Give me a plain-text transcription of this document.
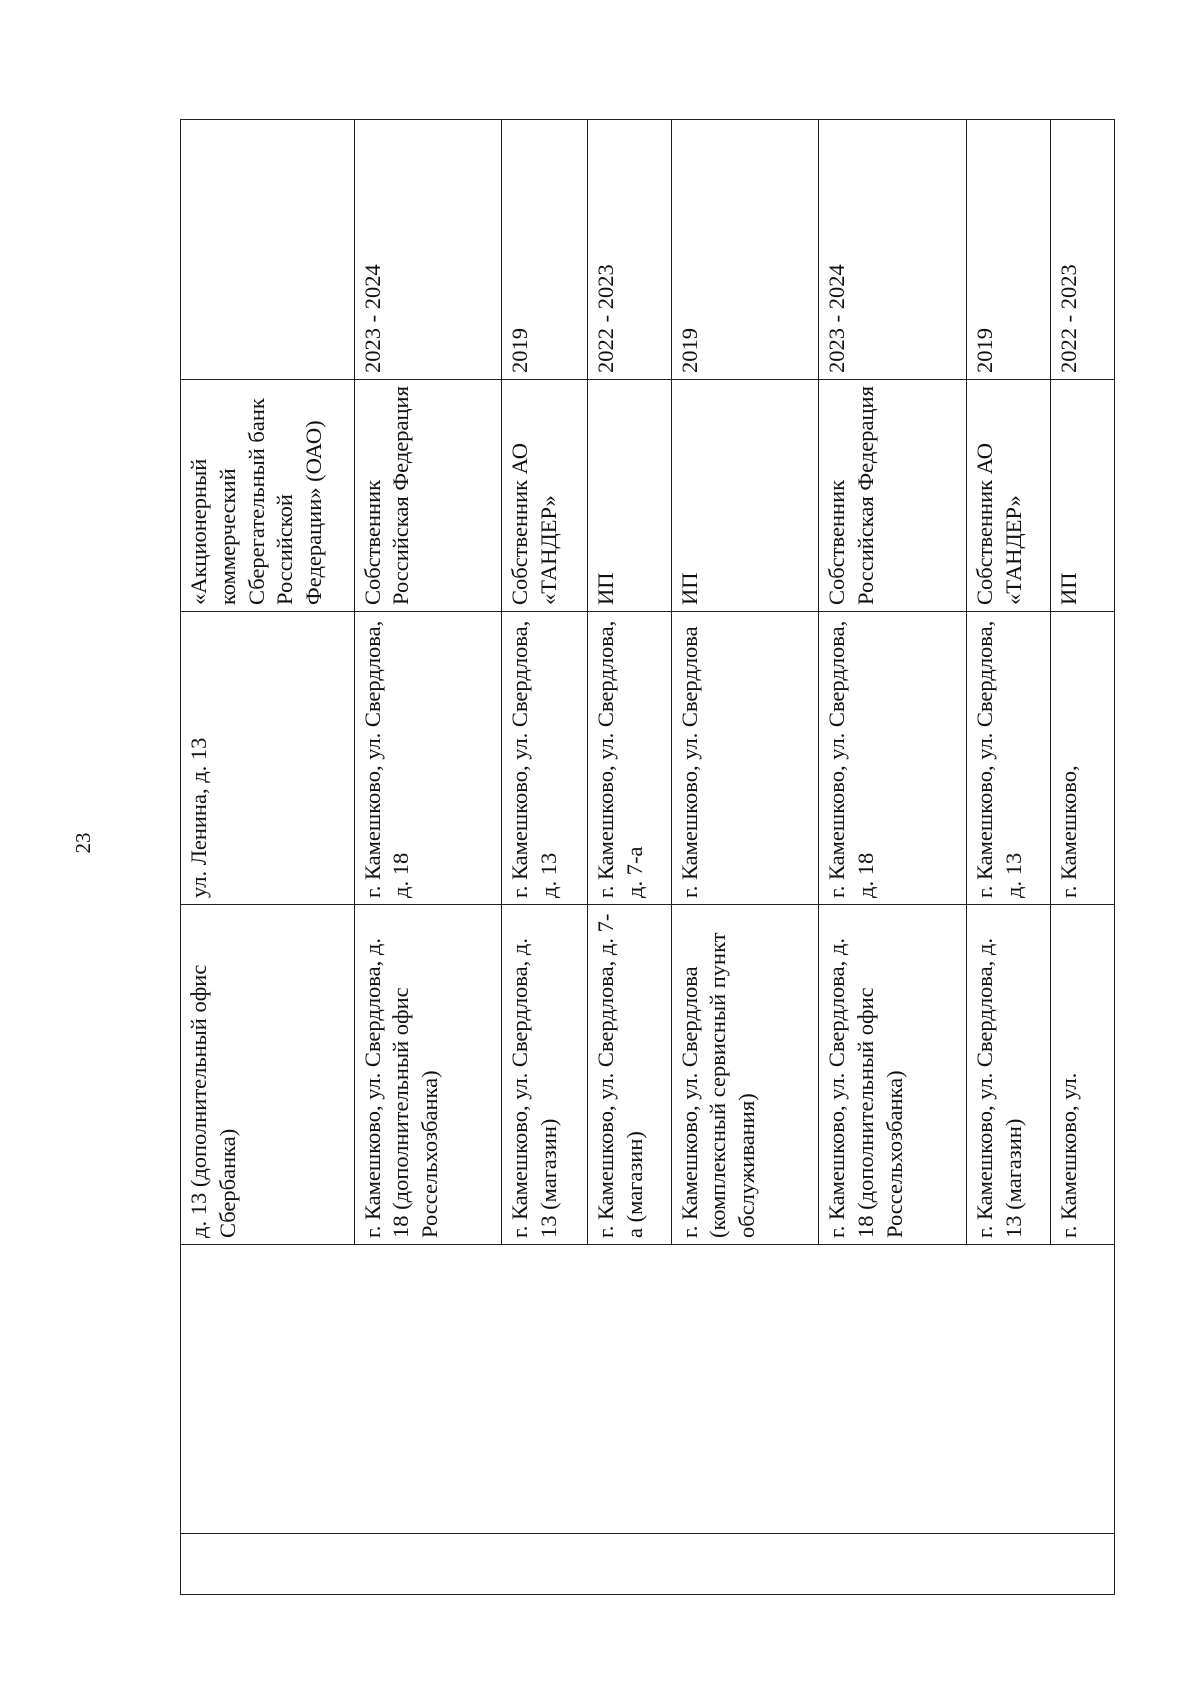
23
		д. 13 (дополнительный офис Сбербанка)	ул. Ленина, д. 13	«Акционерный коммерческий Сберегательный банк Российской Федерации» (ОАО)	
		г. Камешково, ул. Свердлова, д. 18 (дополнительный офис Россельхозбанка)	г. Камешково, ул. Свердлова, д. 18	Собственник Российская Федерация	2023 - 2024
		г. Камешково, ул. Свердлова, д. 13 (магазин)	г. Камешково, ул. Свердлова, д. 13	Собственник АО «ТАНДЕР»	2019
		г. Камешково, ул. Свердлова, д. 7-а (магазин)	г. Камешково, ул. Свердлова, д. 7-а	ИП	2022 - 2023
		г. Камешково, ул. Свердлова (комплексный сервисный пункт обслуживания)	г. Камешково, ул. Свердлова	ИП	2019
		г. Камешково, ул. Свердлова, д. 18 (дополнительный офис Россельхозбанка)	г. Камешково, ул. Свердлова, д. 18	Собственник Российская Федерация	2023 - 2024
		г. Камешково, ул. Свердлова, д. 13 (магазин)	г. Камешково, ул. Свердлова, д. 13	Собственник АО «ТАНДЕР»	2019
		г. Камешково, ул.	г. Камешково,	ИП	2022 - 2023
